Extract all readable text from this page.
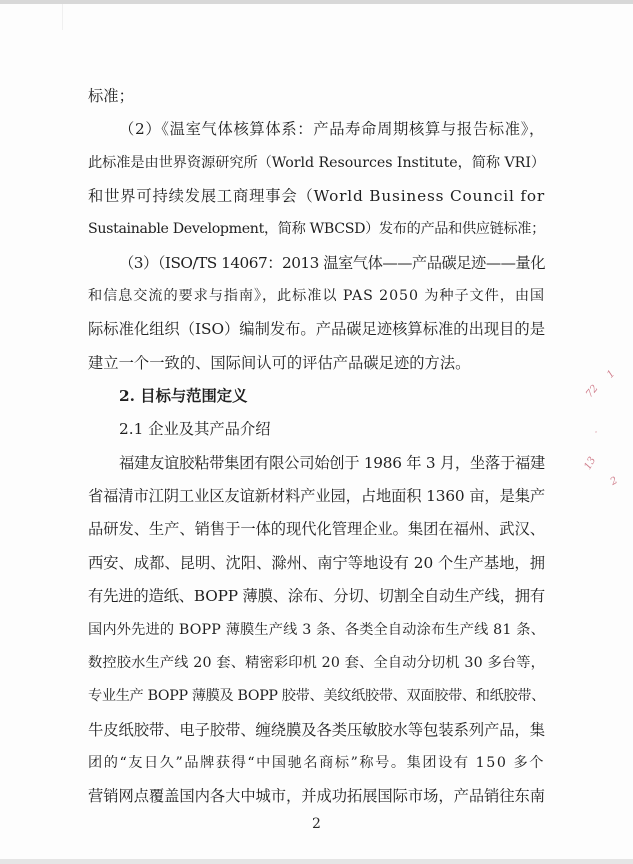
标准；
（2）《温室气体核算体系：产品寿命周期核算与报告标准》，
此标准是由世界资源研究所（World Resources Institute，简称 VRI）
和世界可持续发展工商理事会（World Business Council for
Sustainable Development，简称 WBCSD）发布的产品和供应链标准；
（3）（ISO/TS 14067：2013 温室气体——产品碳足迹——量化
和信息交流的要求与指南》，此标准以 PAS 2050 为种子文件，由国
际标准化组织（ISO）编制发布。产品碳足迹核算标准的出现目的是
建立一个一致的、国际间认可的评估产品碳足迹的方法。
2. 目标与范围定义
2.1 企业及其产品介绍
福建友谊胶粘带集团有限公司始创于 1986 年 3 月，坐落于福建
省福清市江阴工业区友谊新材料产业园，占地面积 1360 亩，是集产
品研发、生产、销售于一体的现代化管理企业。集团在福州、武汉、
西安、成都、昆明、沈阳、滁州、南宁等地设有 20 个生产基地，拥
有先进的造纸、BOPP 薄膜、涂布、分切、切割全自动生产线，拥有
国内外先进的 BOPP 薄膜生产线 3 条、各类全自动涂布生产线 81 条、
数控胶水生产线 20 套、精密彩印机 20 套、全自动分切机 30 多台等，
专业生产 BOPP 薄膜及 BOPP 胶带、美纹纸胶带、双面胶带、和纸胶带、
牛皮纸胶带、电子胶带、缠绕膜及各类压敏胶水等包装系列产品，集
团的“友日久”品牌获得“中国驰名商标”称号。集团设有 150 多个
营销网点覆盖国内各大中城市，并成功拓展国际市场，产品销往东南
1
72
·
13
2
2
